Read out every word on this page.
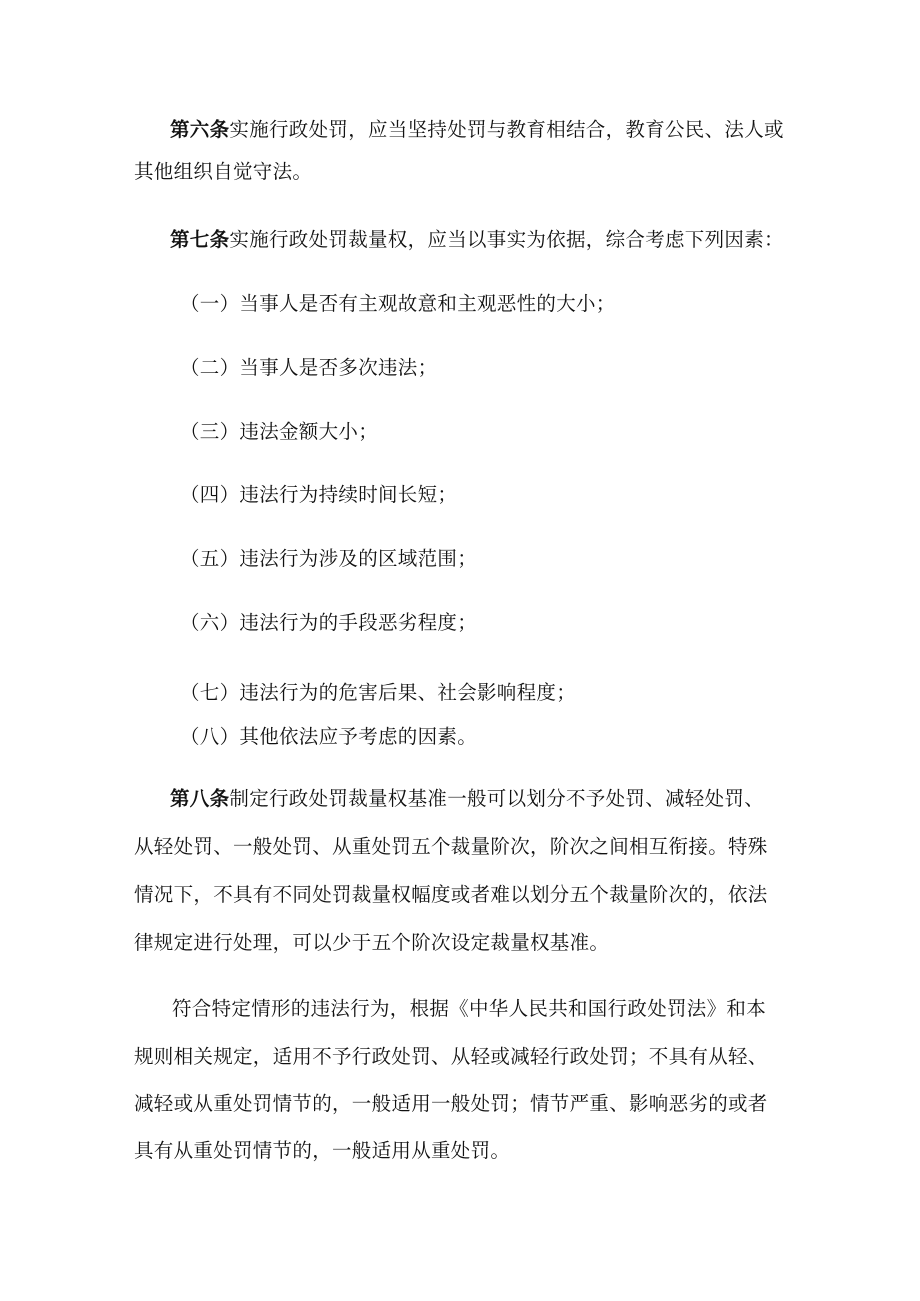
第六条实施行政处罚，应当坚持处罚与教育相结合，教育公民、法人或
其他组织自觉守法。
第七条实施行政处罚裁量权，应当以事实为依据，综合考虑下列因素：
（一）当事人是否有主观故意和主观恶性的大小；
（二）当事人是否多次违法；
（三）违法金额大小；
（四）违法行为持续时间长短；
（五）违法行为涉及的区域范围；
（六）违法行为的手段恶劣程度；
（七）违法行为的危害后果、社会影响程度；
（八）其他依法应予考虑的因素。
第八条制定行政处罚裁量权基准一般可以划分不予处罚、减轻处罚、
从轻处罚、一般处罚、从重处罚五个裁量阶次，阶次之间相互衔接。特殊
情况下，不具有不同处罚裁量权幅度或者难以划分五个裁量阶次的，依法
律规定进行处理，可以少于五个阶次设定裁量权基准。
符合特定情形的违法行为，根据《中华人民共和国行政处罚法》和本
规则相关规定，适用不予行政处罚、从轻或减轻行政处罚；不具有从轻、
减轻或从重处罚情节的，一般适用一般处罚；情节严重、影响恶劣的或者
具有从重处罚情节的，一般适用从重处罚。
